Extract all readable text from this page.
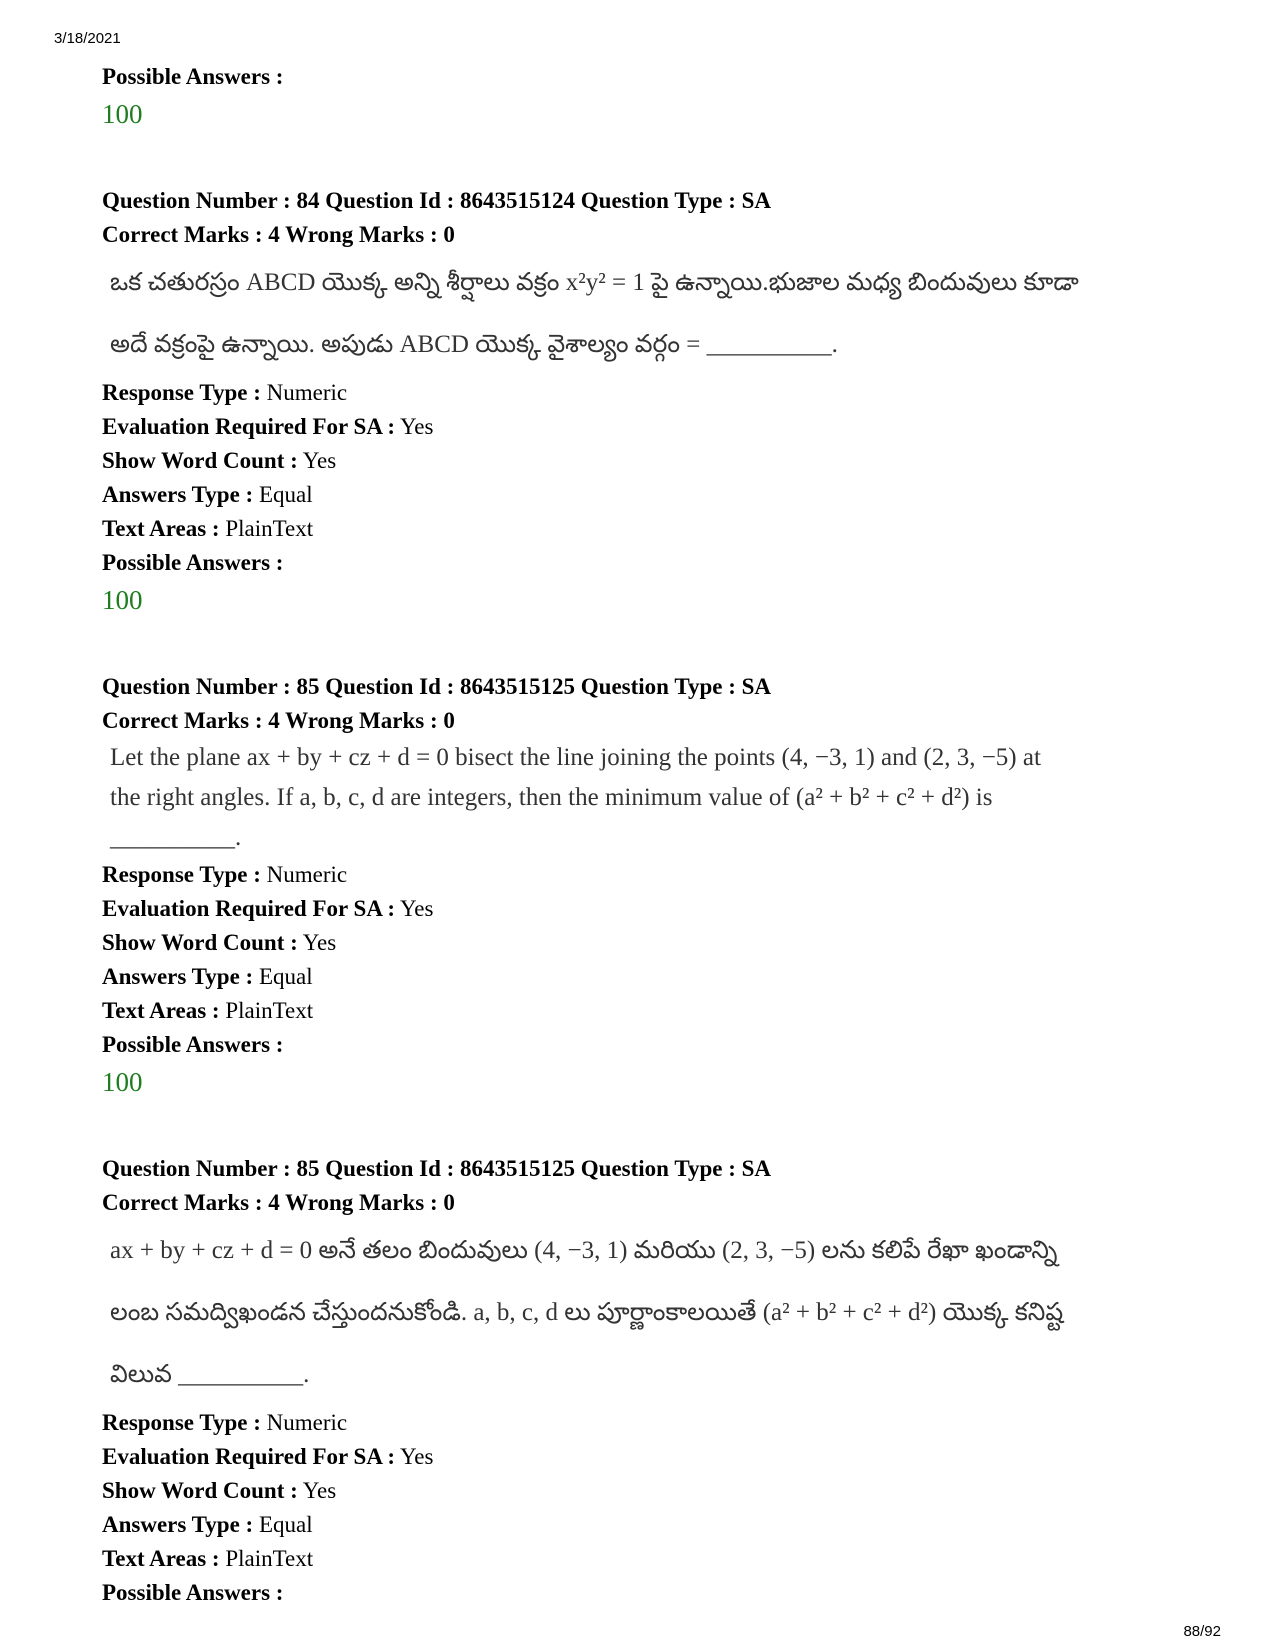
3/18/2021
Possible Answers :
100
Question Number : 84 Question Id : 8643515124 Question Type : SA
Correct Marks : 4 Wrong Marks : 0

ఒక చతురస్రం ABCD యొక్క అన్ని శీర్షాలు వక్రం x²y² = 1 పై ఉన్నాయి.భుజాల మధ్య బిందువులు కూడా

అదే వక్రంపై ఉన్నాయి. అపుడు ABCD యొక్క వైశాల్యం వర్గం = __________.

Response Type : Numeric
Evaluation Required For SA : Yes
Show Word Count : Yes
Answers Type : Equal
Text Areas : PlainText
Possible Answers :
100
Question Number : 85 Question Id : 8643515125 Question Type : SA
Correct Marks : 4 Wrong Marks : 0

Let the plane ax + by + cz + d = 0 bisect the line joining the points (4, −3, 1) and (2, 3, −5) at

the right angles. If a, b, c, d are integers, then the minimum value of (a² + b² + c² + d²) is

__________.

Response Type : Numeric
Evaluation Required For SA : Yes
Show Word Count : Yes
Answers Type : Equal
Text Areas : PlainText
Possible Answers :
100
Question Number : 85 Question Id : 8643515125 Question Type : SA
Correct Marks : 4 Wrong Marks : 0

ax + by + cz + d = 0 అనే తలం బిందువులు (4, −3, 1) మరియు (2, 3, −5) లను కలిపే రేఖా ఖండాన్ని

లంబ సమద్విఖండన చేస్తుందనుకోండి. a, b, c, d లు పూర్ణాంకాలయితే (a² + b² + c² + d²) యొక్క కనిష్ట

విలువ __________.

Response Type : Numeric
Evaluation Required For SA : Yes
Show Word Count : Yes
Answers Type : Equal
Text Areas : PlainText
Possible Answers :
88/92
